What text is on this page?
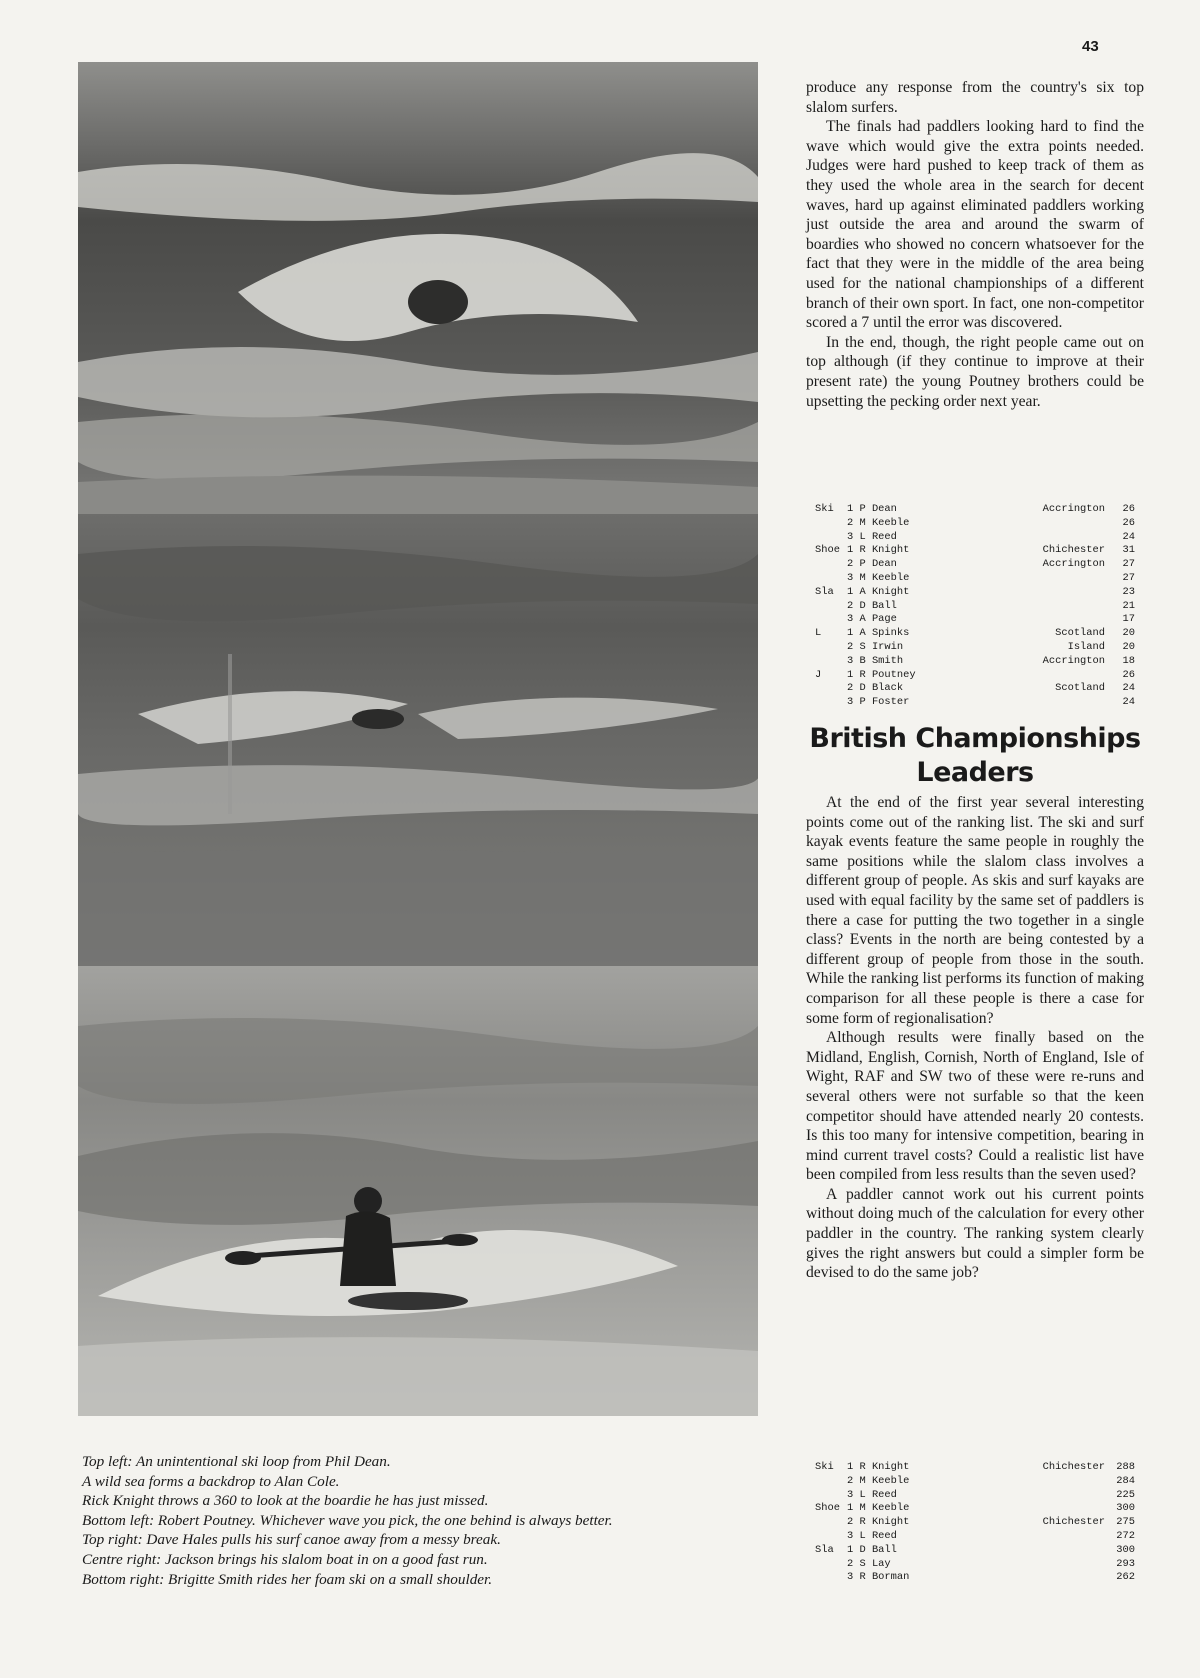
43

Top left: An unintentional ski loop from Phil Dean.

A wild sea forms a backdrop to Alan Cole.

Rick Knight throws a 360 to look at the boardie he has just missed.

Bottom left: Robert Poutney. Whichever wave you pick, the one behind is always better.

Top right: Dave Hales pulls his surf canoe away from a messy break.

Centre right: Jackson brings his slalom boat in on a good fast run.

Bottom right: Brigitte Smith rides her foam ski on a small shoulder.

produce any response from the country's six top slalom surfers.

The finals had paddlers looking hard to find the wave which would give the extra points needed. Judges were hard pushed to keep track of them as they used the whole area in the search for decent waves, hard up against eliminated paddlers working just outside the area and around the swarm of boardies who showed no concern whatsoever for the fact that they were in the middle of the area being used for the national championships of a different branch of their own sport. In fact, one non-competitor scored a 7 until the error was discovered.

In the end, though, the right people came out on top although (if they continue to improve at their present rate) the young Poutney brothers could be upsetting the pecking order next year.

Ski 1 P Dean	Accrington 26
2 M Keeble	26
3 L Reed	24
Shoe 1 R Knight	Chichester 31
2 P Dean	Accrington 27
3 M Keeble	27
Sla 1 A Knight	23
2 D Ball	21
3 A Page	17
L 1 A Spinks	Scotland 20
2 S Irwin	Island 20
3 B Smith	Accrington 18
J 1 R Poutney	26
2 D Black	Scotland 24
3 P Foster	24
British Championships
Leaders

At the end of the first year several interesting points come out of the ranking list. The ski and surf kayak events feature the same people in roughly the same positions while the slalom class involves a different group of people. As skis and surf kayaks are used with equal facility by the same set of paddlers is there a case for putting the two together in a single class? Events in the north are being contested by a different group of people from those in the south. While the ranking list performs its function of making comparison for all these people is there a case for some form of regionalisation?

Although results were finally based on the Midland, English, Cornish, North of England, Isle of Wight, RAF and SW two of these were re-runs and several others were not surfable so that the keen competitor should have attended nearly 20 contests. Is this too many for intensive competition, bearing in mind current travel costs? Could a realistic list have been compiled from less results than the seven used?

A paddler cannot work out his current points without doing much of the calculation for every other paddler in the country. The ranking system clearly gives the right answers but could a simpler form be devised to do the same job?

Ski 1 R Knight	Chichester 288
2 M Keeble	284
3 L Reed	225
Shoe 1 M Keeble	300
2 R Knight	Chichester 275
3 L Reed	272
Sla 1 D Ball	300
2 S Lay	293
3 R Borman	262
